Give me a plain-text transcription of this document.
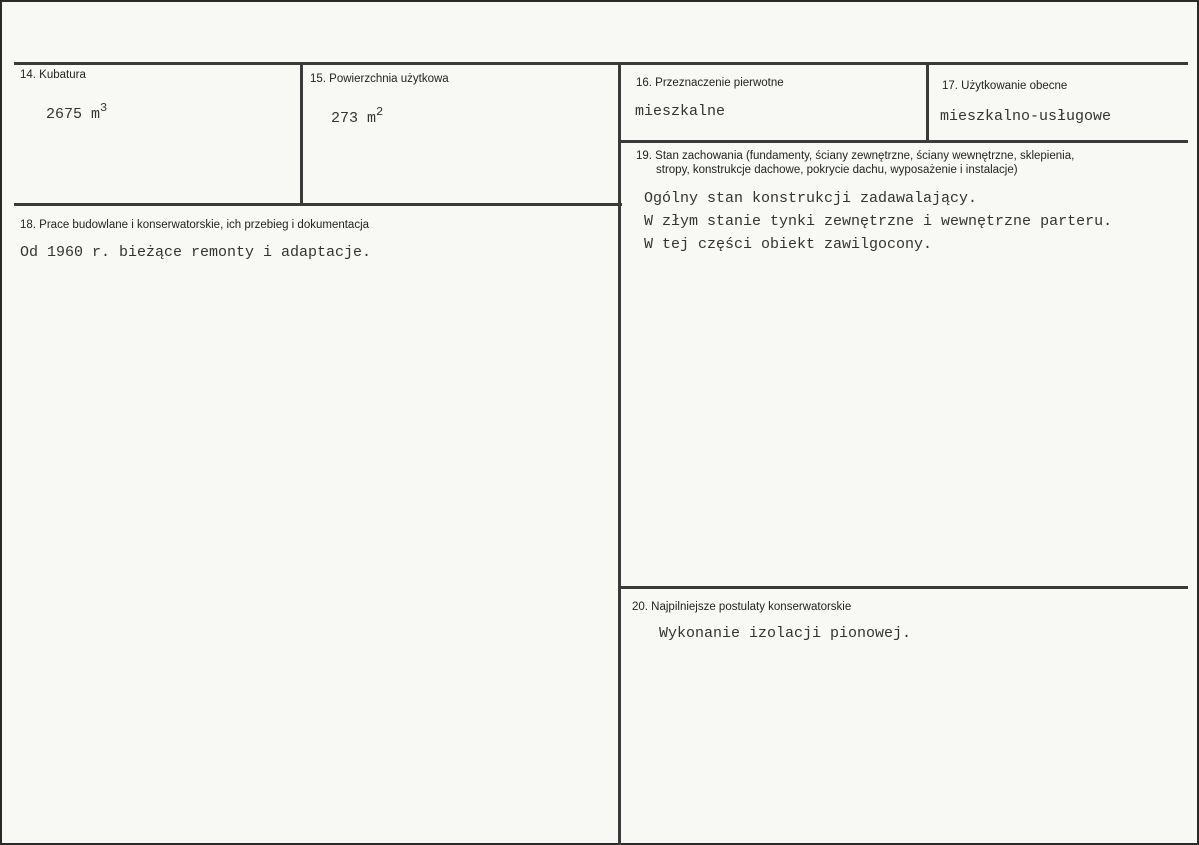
14. Kubatura
2675 $m^3$
15. Powierzchnia użytkowa
273 $m^2$
16. Przeznaczenie pierwotne
mieszkalne
17. Użytkowanie obecne
mieszkalno-usługowe
18. Prace budowlane i konserwatorskie, ich przebieg i dokumentacja
Od 1960 r. bieżące remonty i adaptacje.
19. Stan zachowania (fundamenty, ściany zewnętrzne, ściany wewnętrzne, sklepienia,
stropy, konstrukcje dachowe, pokrycie dachu, wyposażenie i instalacje)
Ogólny stan konstrukcji zadawalający.
W złym stanie tynki zewnętrzne i wewnętrzne parteru.
W tej części obiekt zawilgocony.
20. Najpilniejsze postulaty konserwatorskie
Wykonanie izolacji pionowej.
